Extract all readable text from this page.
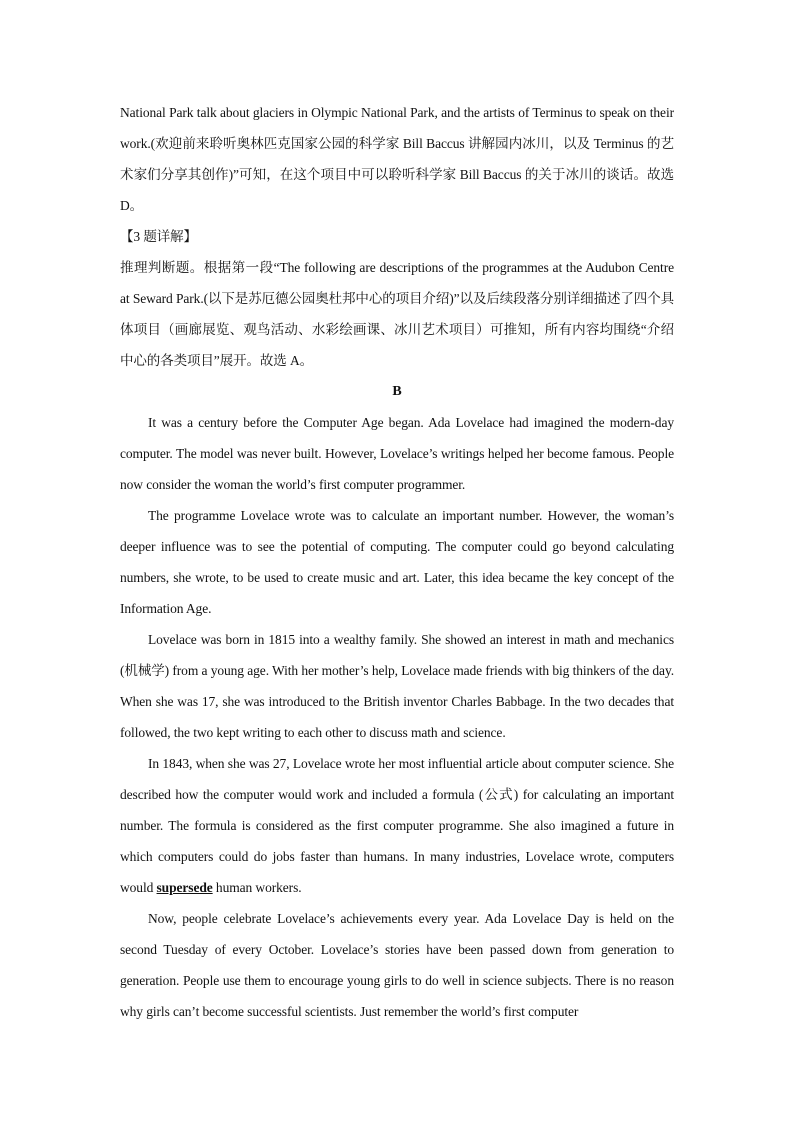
National Park talk about glaciers in Olympic National Park, and the artists of Terminus to speak on their work.(欢迎前来聆听奥林匹克国家公园的科学家 Bill Baccus 讲解园内冰川，以及 Terminus 的艺术家们分享其创作)”可知，在这个项目中可以聆听科学家 Bill Baccus 的关于冰川的谈话。故选 D。

【3 题详解】

推理判断题。根据第一段“The following are descriptions of the programmes at the Audubon Centre at Seward Park.(以下是苏厄德公园奥杜邦中心的项目介绍)”以及后续段落分别详细描述了四个具体项目（画廊展览、观鸟活动、水彩绘画课、冰川艺术项目）可推知，所有内容均围绕“介绍中心的各类项目”展开。故选 A。

B

It was a century before the Computer Age began. Ada Lovelace had imagined the modern-day computer. The model was never built. However, Lovelace’s writings helped her become famous. People now consider the woman the world’s first computer programmer.

The programme Lovelace wrote was to calculate an important number. However, the woman’s deeper influence was to see the potential of computing. The computer could go beyond calculating numbers, she wrote, to be used to create music and art. Later, this idea became the key concept of the Information Age.

Lovelace was born in 1815 into a wealthy family. She showed an interest in math and mechanics (机械学) from a young age. With her mother’s help, Lovelace made friends with big thinkers of the day. When she was 17, she was introduced to the British inventor Charles Babbage. In the two decades that followed, the two kept writing to each other to discuss math and science.

In 1843, when she was 27, Lovelace wrote her most influential article about computer science. She described how the computer would work and included a formula (公式) for calculating an important number. The formula is considered as the first computer programme. She also imagined a future in which computers could do jobs faster than humans. In many industries, Lovelace wrote, computers would supersede human workers.

Now, people celebrate Lovelace’s achievements every year. Ada Lovelace Day is held on the second Tuesday of every October. Lovelace’s stories have been passed down from generation to generation. People use them to encourage young girls to do well in science subjects. There is no reason why girls can’t become successful scientists. Just remember the world’s first computer
